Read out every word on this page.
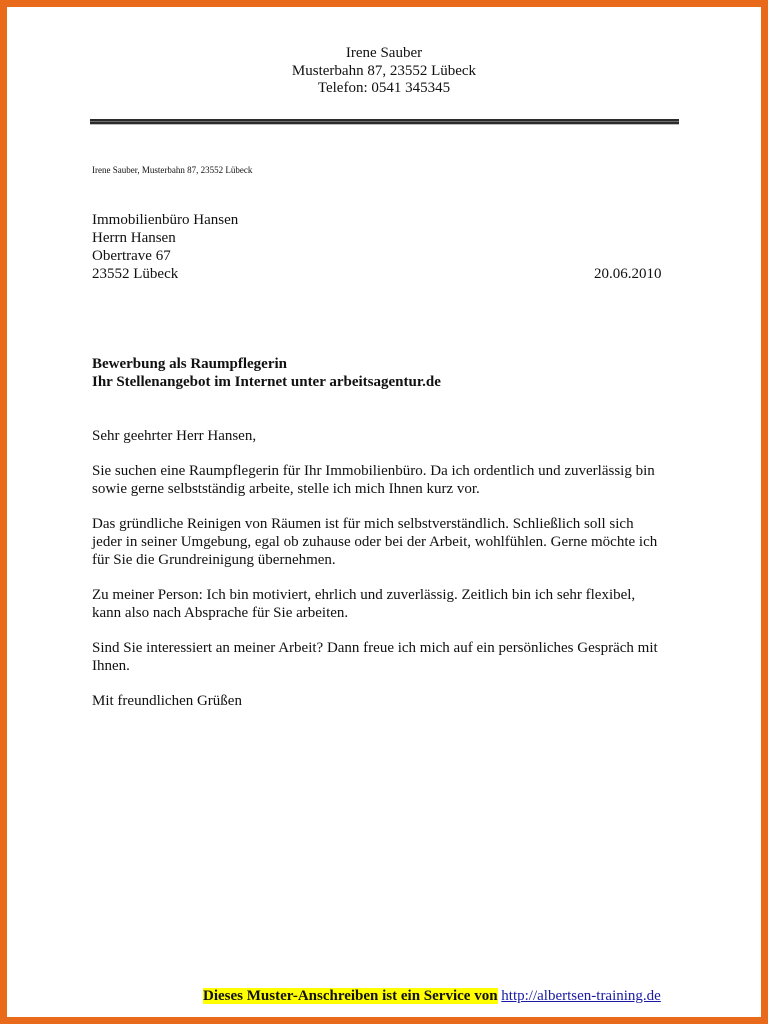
Irene Sauber
Musterbahn 87, 23552 Lübeck
Telefon: 0541 345345
Irene Sauber, Musterbahn 87, 23552 Lübeck
Immobilienbüro Hansen
Herrn Hansen
Obertrave 67
23552 Lübeck	20.06.2010
Bewerbung als Raumpflegerin
Ihr Stellenangebot im Internet unter arbeitsagentur.de

Sehr geehrter Herr Hansen,

Sie suchen eine Raumpflegerin für Ihr Immobilienbüro. Da ich ordentlich und zuverlässig bin
sowie gerne selbstständig arbeite, stelle ich mich Ihnen kurz vor.

Das gründliche Reinigen von Räumen ist für mich selbstverständlich. Schließlich soll sich
jeder in seiner Umgebung, egal ob zuhause oder bei der Arbeit, wohlfühlen. Gerne möchte ich
für Sie die Grundreinigung übernehmen.

Zu meiner Person: Ich bin motiviert, ehrlich und zuverlässig. Zeitlich bin ich sehr flexibel,
kann also nach Absprache für Sie arbeiten.

Sind Sie interessiert an meiner Arbeit? Dann freue ich mich auf ein persönliches Gespräch mit
Ihnen.

Mit freundlichen Grüßen

Dieses Muster-Anschreiben ist ein Service von http://albertsen-training.de
